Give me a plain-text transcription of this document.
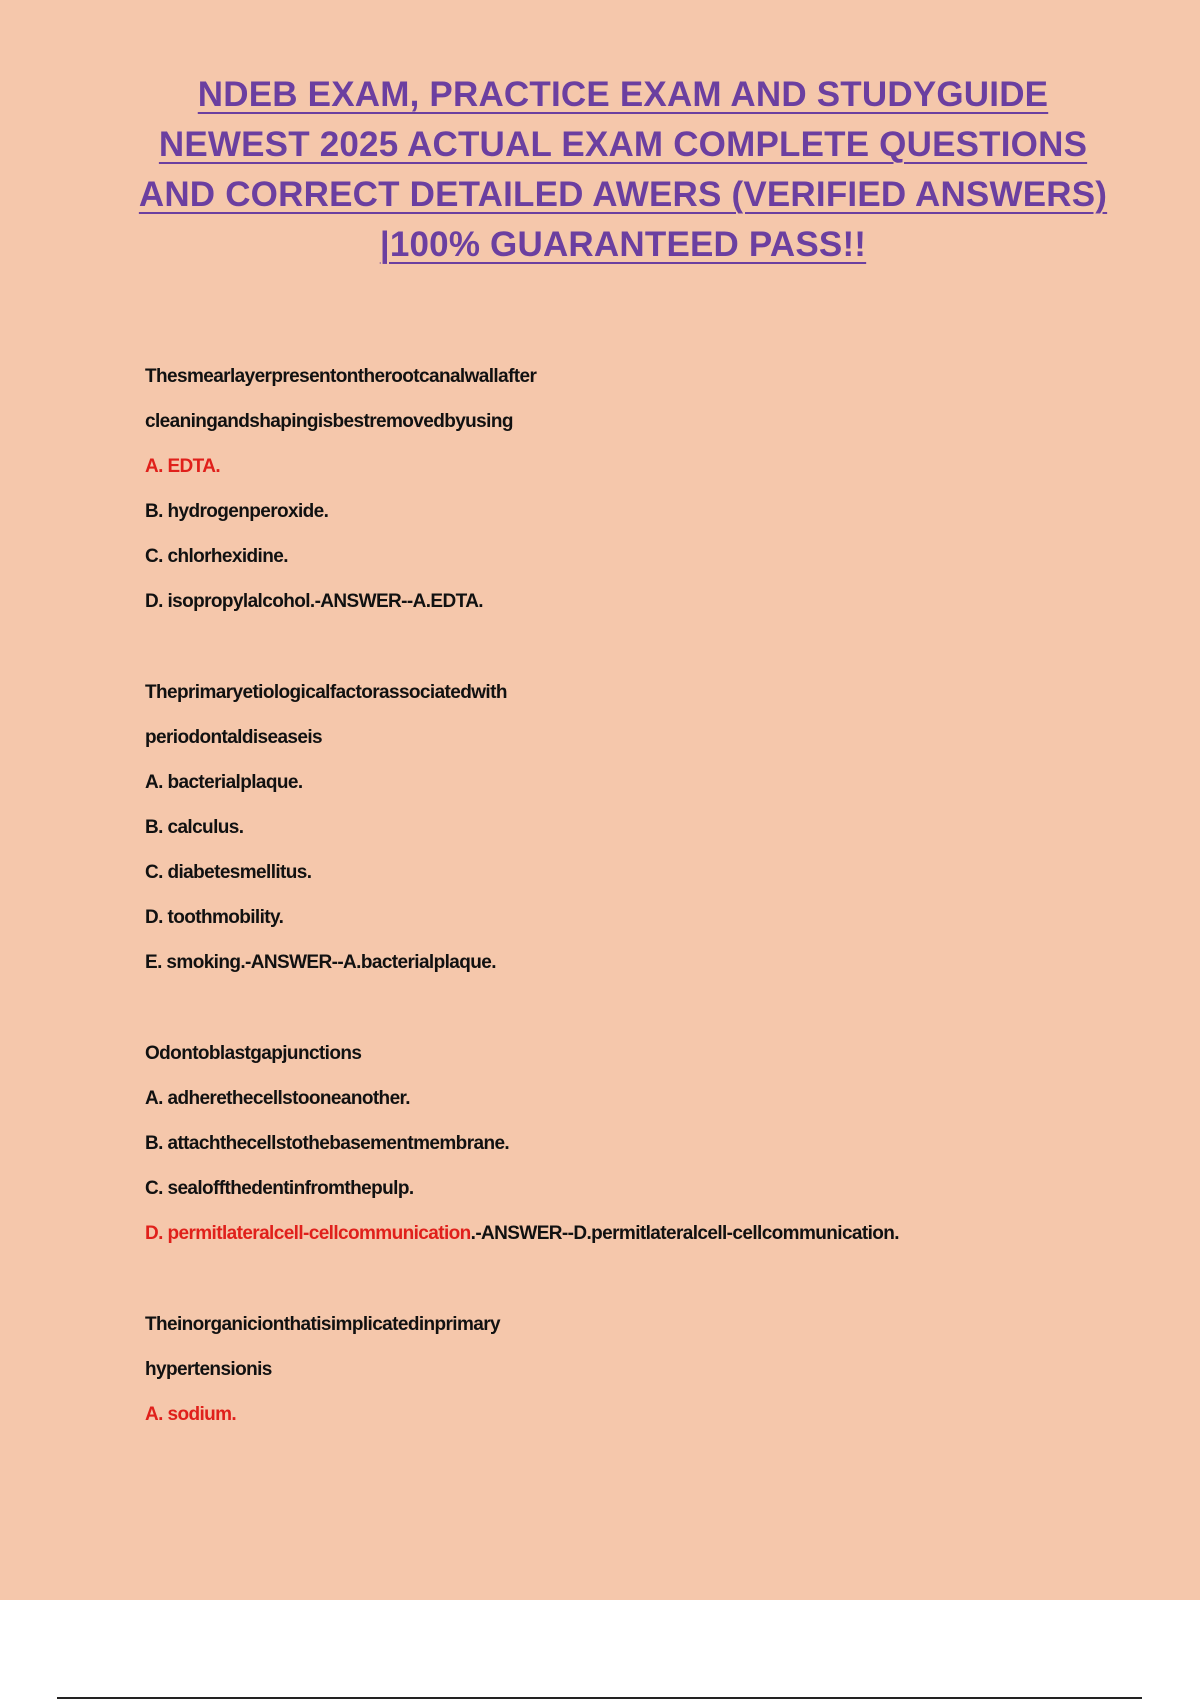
NDEB EXAM, PRACTICE EXAM AND STUDYGUIDE
NEWEST 2025 ACTUAL EXAM COMPLETE QUESTIONS
AND CORRECT DETAILED AWERS (VERIFIED ANSWERS)
|100% GUARANTEED PASS!!
Thesmearlayerpresentontherootcanalwallafter
cleaningandshapingisbestremovedbyusing
A. EDTA.
B. hydrogenperoxide.
C. chlorhexidine.
D. isopropylalcohol.-ANSWER--A.EDTA.
Theprimaryetiologicalfactorassociatedwith
periodontaldiseaseis
A. bacterialplaque.
B. calculus.
C. diabetesmellitus.
D. toothmobility.
E. smoking.-ANSWER--A.bacterialplaque.
Odontoblastgapjunctions
A. adherethecellstooneanother.
B. attachthecellstothebasementmembrane.
C. sealoffthedentinfromthepulp.
D. permitlateralcell-cellcommunication.-ANSWER--D.permitlateralcell-cellcommunication.
Theinorganicionthatisimplicatedinprimary
hypertensionis
A. sodium.
